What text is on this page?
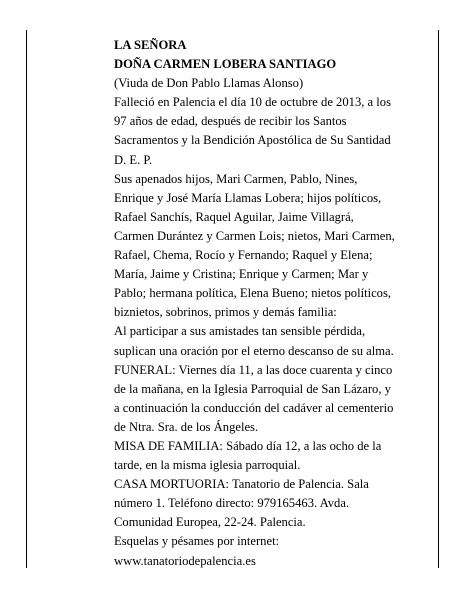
LA SEÑORA
DOÑA CARMEN LOBERA SANTIAGO
(Viuda de Don Pablo Llamas Alonso)
Falleció en Palencia el día 10 de octubre de 2013, a los
97 años de edad, después de recibir los Santos
Sacramentos y la Bendición Apostólica de Su Santidad
D. E. P.
Sus apenados hijos, Mari Carmen, Pablo, Nines,
Enrique y José María Llamas Lobera; hijos políticos,
Rafael Sanchís, Raquel Aguilar, Jaime Villagrá,
Carmen Durántez y Carmen Lois; nietos, Mari Carmen,
Rafael, Chema, Rocío y Fernando; Raquel y Elena;
María, Jaime y Cristina; Enrique y Carmen; Mar y
Pablo; hermana política, Elena Bueno; nietos políticos,
biznietos, sobrinos, primos y demás familia:
Al participar a sus amistades tan sensible pérdida,
suplican una oración por el eterno descanso de su alma.
FUNERAL: Viernes día 11, a las doce cuarenta y cinco
de la mañana, en la Iglesia Parroquial de San Lázaro, y
a continuación la conducción del cadáver al cementerio
de Ntra. Sra. de los Ángeles.
MISA DE FAMILIA: Sábado día 12, a las ocho de la
tarde, en la misma iglesia parroquial.
CASA MORTUORIA: Tanatorio de Palencia. Sala
número 1. Teléfono directo: 979165463. Avda.
Comunidad Europea, 22-24. Palencia.
Esquelas y pésames por internet:
www.tanatoriodepalencia.es
